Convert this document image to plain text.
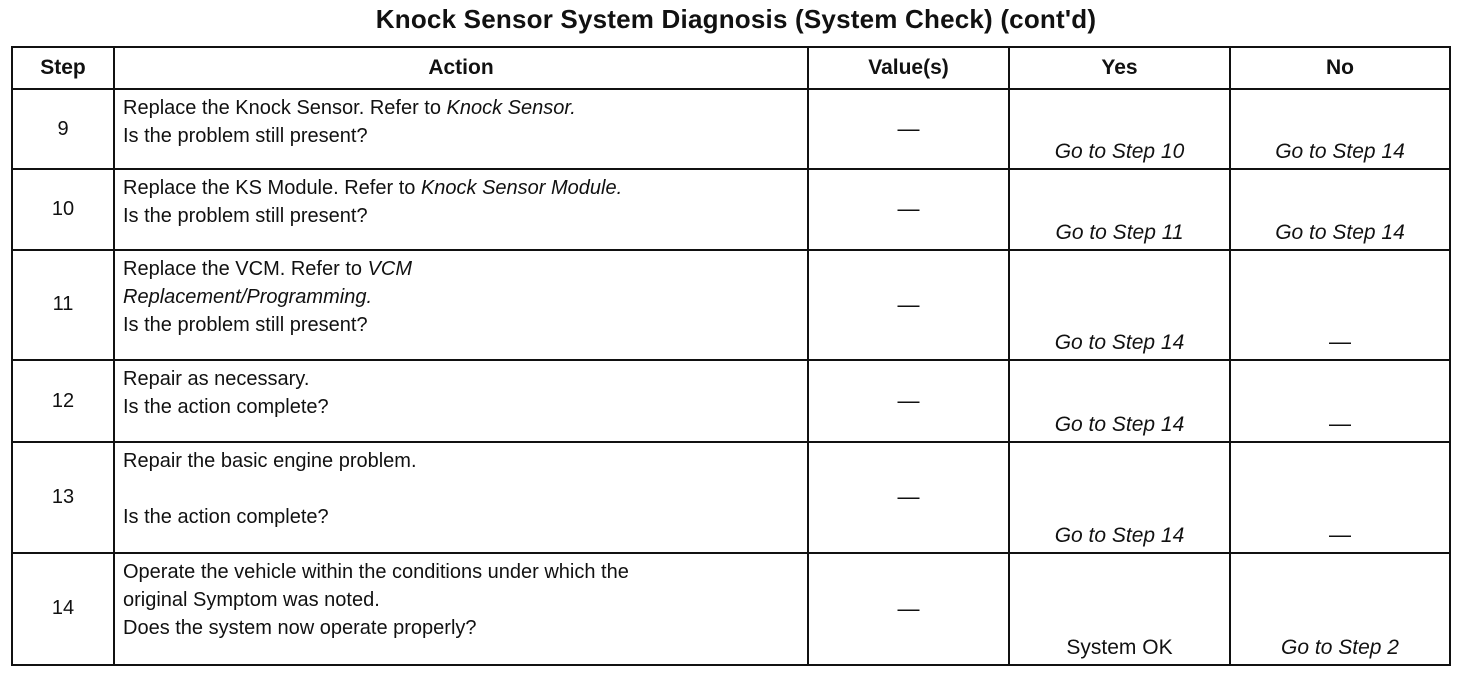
Knock Sensor System Diagnosis (System Check) (cont'd)
Step	Action	Value(s)	Yes	No
9	Replace the Knock Sensor. Refer to Knock Sensor.
Is the problem still present?	—	Go to Step 10	Go to Step 14
10	Replace the KS Module. Refer to Knock Sensor Module.
Is the problem still present?	—	Go to Step 11	Go to Step 14
11	Replace the VCM. Refer to VCM
Replacement/Programming.
Is the problem still present?	—	Go to Step 14	—
12	Repair as necessary.
Is the action complete?	—	Go to Step 14	—
13	Repair the basic engine problem.
Is the action complete?	—	Go to Step 14	—
14	Operate the vehicle within the conditions under which the
original Symptom was noted.
Does the system now operate properly?	—	System OK	Go to Step 2
